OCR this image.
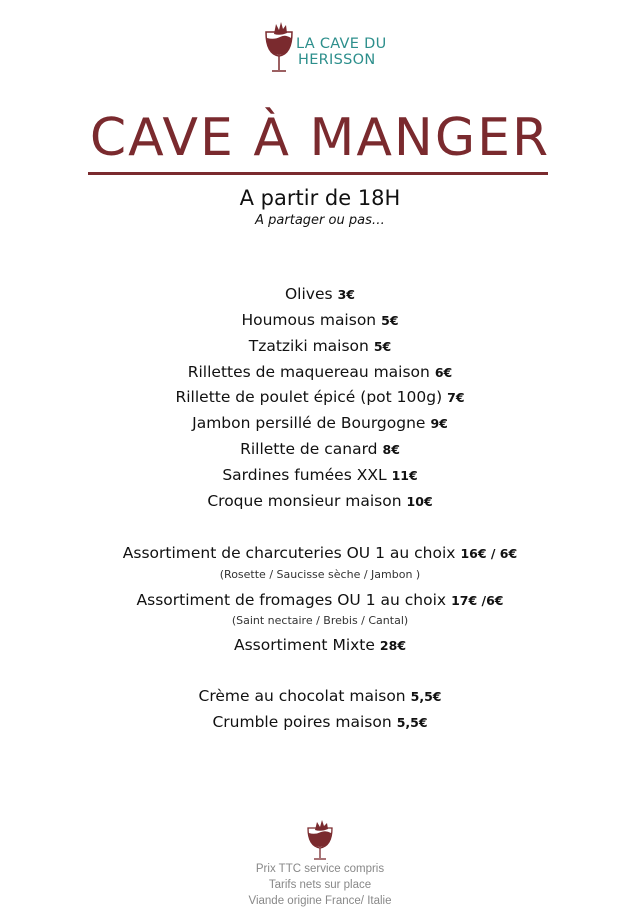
LA CAVE DU
HERISSON
CAVE À MANGER
A partir de 18H
A partager ou pas…
Olives 3€
Houmous maison 5€
Tzatziki maison 5€
Rillettes de maquereau maison 6€
Rillette de poulet épicé (pot 100g) 7€
Jambon persillé de Bourgogne 9€
Rillette de canard 8€
Sardines fumées XXL 11€
Croque monsieur maison 10€
Assortiment de charcuteries OU 1 au choix 16€ / 6€
(Rosette / Saucisse sèche / Jambon )
Assortiment de fromages OU 1 au choix 17€ /6€
(Saint nectaire / Brebis / Cantal)
Assortiment Mixte 28€
Crème au chocolat maison 5,5€
Crumble poires maison 5,5€
Prix TTC service compris
Tarifs nets sur place
Viande origine France/ Italie
